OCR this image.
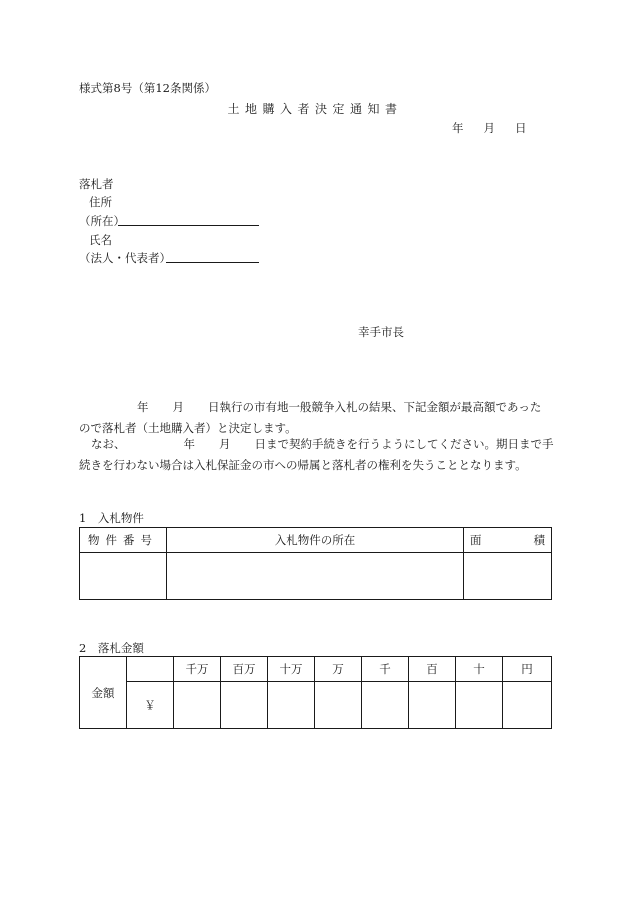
様式第8号（第12条関係）
土地購入者決定通知書
年 月 日
落札者
住所
（所在）
氏名
（法人・代表者）
幸手市長
年 月 日執行の市有地一般競争入札の結果、下記金額が最高額であった
ので落札者（土地購入者）と決定します。
なお、	年 月 日まで契約手続きを行うようにしてください。期日まで手
続きを行わない場合は入札保証金の市への帰属と落札者の権利を失うこととなります。
1　入札物件
物件番号	入札物件の所在	面 積

2　落札金額
金額		千万	百万	十万	万	千	百	十	円
	￥								
